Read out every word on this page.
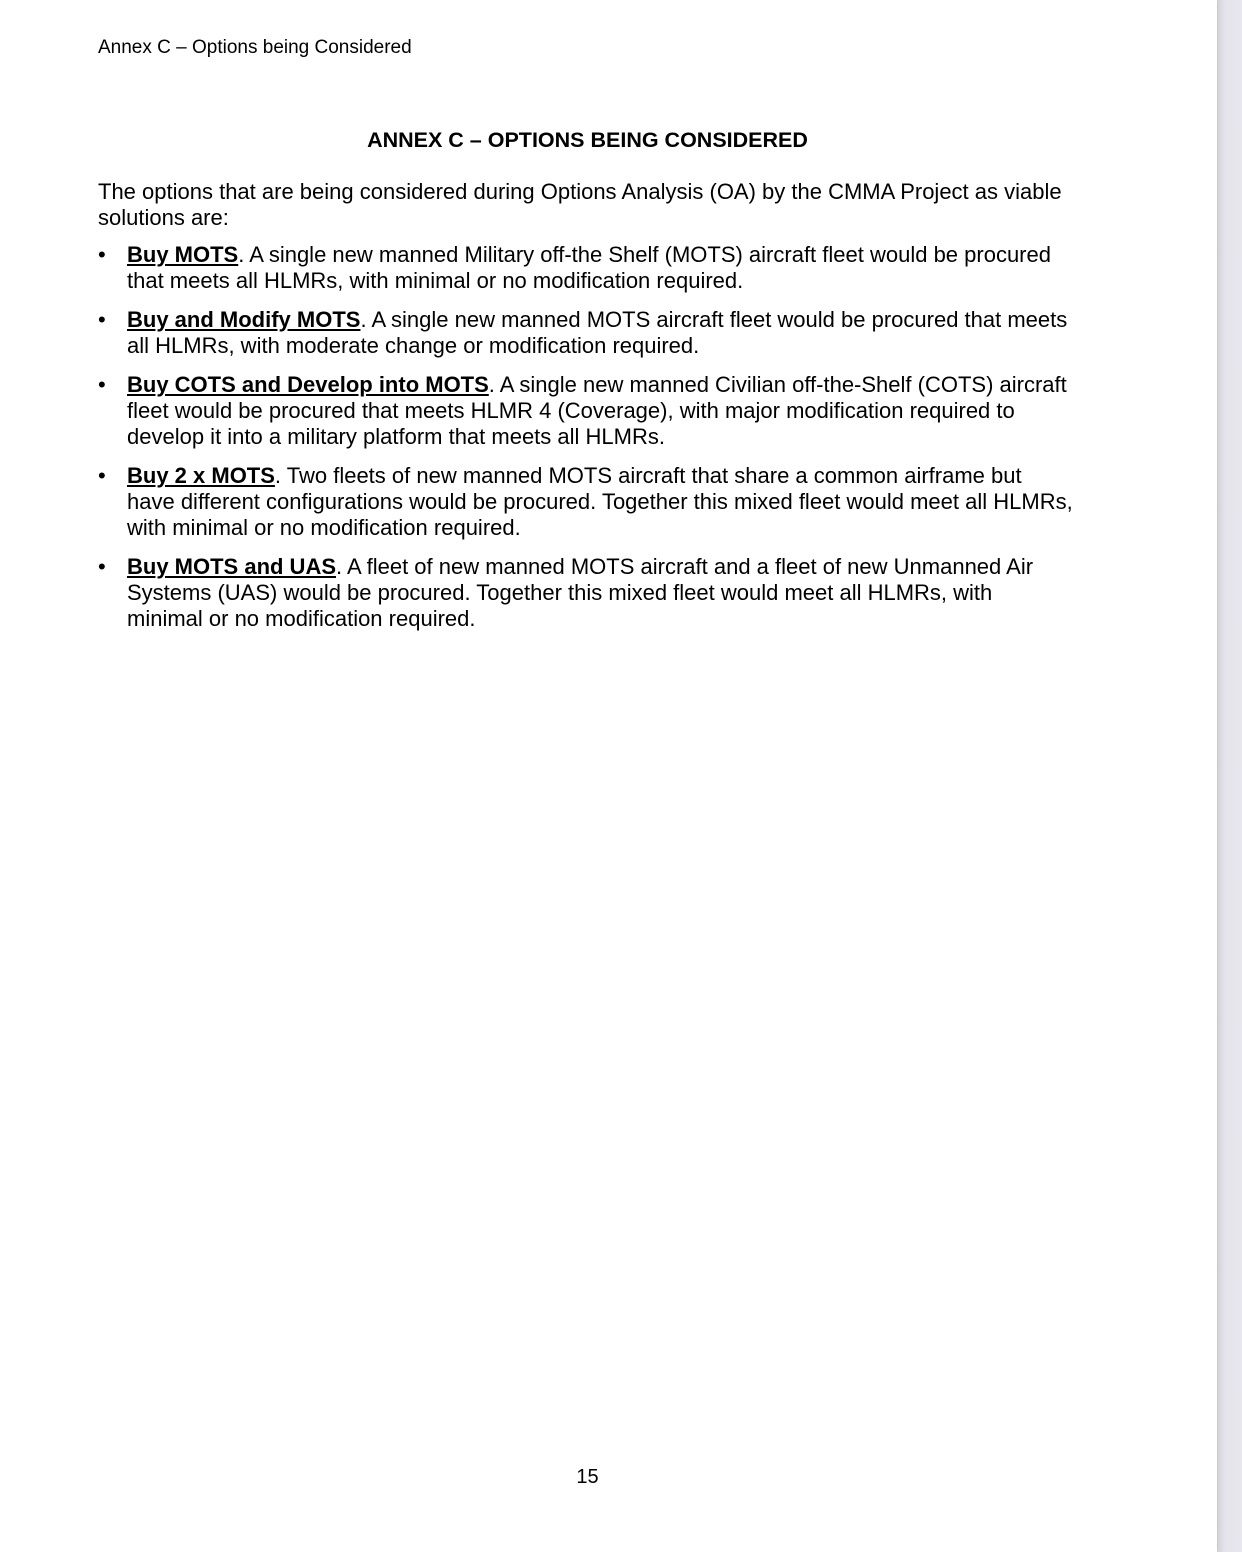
Annex C – Options being Considered
ANNEX C – OPTIONS BEING CONSIDERED
The options that are being considered during Options Analysis (OA) by the CMMA Project as viable solutions are:
• Buy MOTS. A single new manned Military off-the Shelf (MOTS) aircraft fleet would be procured that meets all HLMRs, with minimal or no modification required.
• Buy and Modify MOTS. A single new manned MOTS aircraft fleet would be procured that meets all HLMRs, with moderate change or modification required.
• Buy COTS and Develop into MOTS. A single new manned Civilian off-the-Shelf (COTS) aircraft fleet would be procured that meets HLMR 4 (Coverage), with major modification required to develop it into a military platform that meets all HLMRs.
• Buy 2 x MOTS. Two fleets of new manned MOTS aircraft that share a common airframe but have different configurations would be procured. Together this mixed fleet would meet all HLMRs, with minimal or no modification required.
• Buy MOTS and UAS. A fleet of new manned MOTS aircraft and a fleet of new Unmanned Air Systems (UAS) would be procured. Together this mixed fleet would meet all HLMRs, with minimal or no modification required.
15
